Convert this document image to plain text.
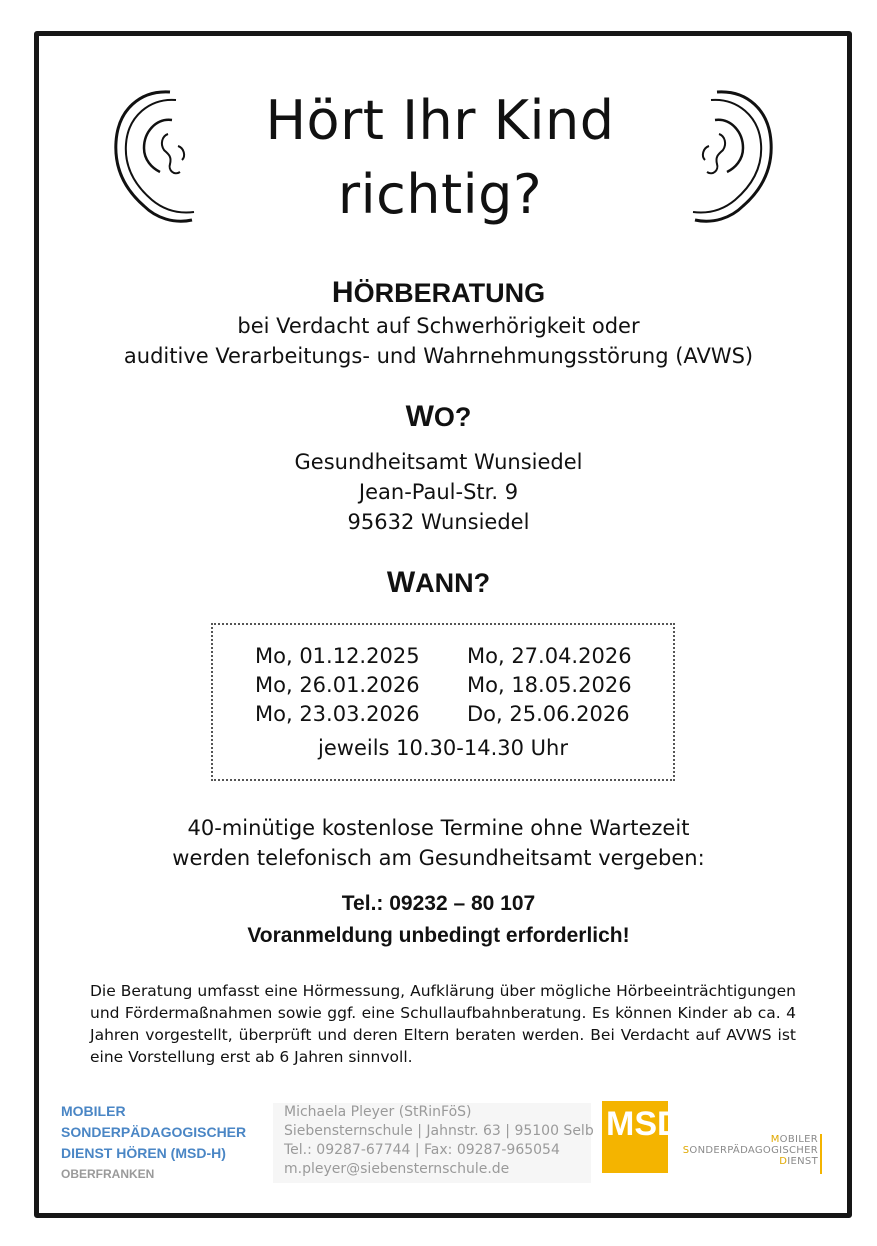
Hört Ihr Kind
richtig?
HÖRBERATUNG
bei Verdacht auf Schwerhörigkeit oder
auditive Verarbeitungs- und Wahrnehmungsstörung (AVWS)
WO?
Gesundheitsamt Wunsiedel
Jean-Paul-Str. 9
95632 Wunsiedel
WANN?
Mo, 01.12.2025
Mo, 26.01.2026
Mo, 23.03.2026
Mo, 27.04.2026
Mo, 18.05.2026
Do, 25.06.2026
jeweils 10.30-14.30 Uhr
40-minütige kostenlose Termine ohne Wartezeit
werden telefonisch am Gesundheitsamt vergeben:
Tel.: 09232 – 80 107
Voranmeldung unbedingt erforderlich!
Die Beratung umfasst eine Hörmessung, Aufklärung über mögliche Hörbeeinträchtigungen und Fördermaßnahmen sowie ggf. eine Schullaufbahnberatung. Es können Kinder ab ca. 4 Jahren vorgestellt, überprüft und deren Eltern beraten werden. Bei Verdacht auf AVWS ist eine Vorstellung erst ab 6 Jahren sinnvoll.
MOBILER
SONDERPÄDAGOGISCHER
DIENST HÖREN (MSD-H)
OBERFRANKEN
Michaela Pleyer (StRinFöS)
Siebensternschule | Jahnstr. 63 | 95100 Selb
Tel.: 09287-67744 | Fax: 09287-965054
m.pleyer@siebensternschule.de
MSD	MOBILER
SONDERPÄDAGOGISCHER
DIENST
